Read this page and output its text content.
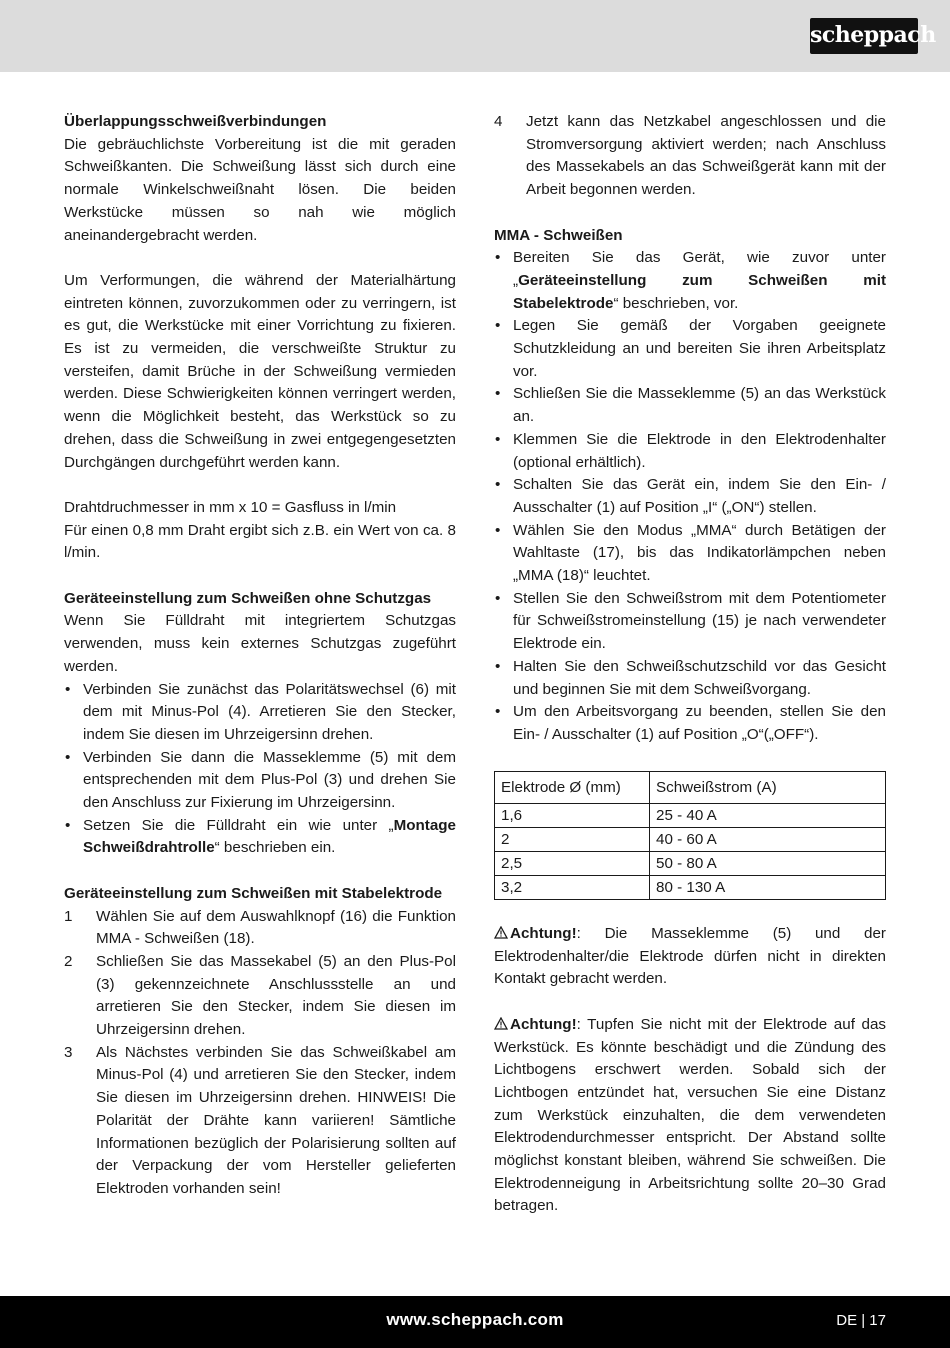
scheppach

Überlappungsschweißverbindungen

Die gebräuchlichste Vorbereitung ist die mit geraden Schweißkanten. Die Schweißung lässt sich durch eine normale Winkelschweißnaht lösen. Die beiden Werkstücke müssen so nah wie möglich aneinandergebracht werden.

Um Verformungen, die während der Materialhärtung eintreten können, zuvorzukommen oder zu verringern, ist es gut, die Werkstücke mit einer Vorrichtung zu fixieren. Es ist zu vermeiden, die verschweißte Struktur zu versteifen, damit Brüche in der Schweißung vermieden werden. Diese Schwierigkeiten können verringert werden, wenn die Möglichkeit besteht, das Werkstück so zu drehen, dass die Schweißung in zwei entgegengesetzten Durchgängen durchgeführt werden kann.

Drahtdruchmesser in mm x 10 = Gasfluss in l/min

Für einen 0,8 mm Draht ergibt sich z.B. ein Wert von ca. 8 l/min.

Geräteeinstellung zum Schweißen ohne Schutzgas

Wenn Sie Fülldraht mit integriertem Schutzgas verwenden, muss kein externes Schutzgas zugeführt werden.

• Verbinden Sie zunächst das Polaritätswechsel (6) mit dem mit Minus-Pol (4). Arretieren Sie den Stecker, indem Sie diesen im Uhrzeigersinn drehen.
• Verbinden Sie dann die Masseklemme (5) mit dem entsprechenden mit dem Plus-Pol (3) und drehen Sie den Anschluss zur Fixierung im Uhrzeigersinn.
• Setzen Sie die Fülldraht ein wie unter „Montage Schweißdrahtrolle“ beschrieben ein.

Geräteeinstellung zum Schweißen mit Stabelektrode

1 Wählen Sie auf dem Auswahlknopf (16) die Funktion MMA - Schweißen (18).
2 Schließen Sie das Massekabel (5) an den Plus-Pol (3) gekennzeichnete Anschlussstelle an und arretieren Sie den Stecker, indem Sie diesen im Uhrzeigersinn drehen.
3 Als Nächstes verbinden Sie das Schweißkabel am Minus-Pol (4) und arretieren Sie den Stecker, indem Sie diesen im Uhrzeigersinn drehen. HINWEIS! Die Polarität der Drähte kann variieren! Sämtliche Informationen bezüglich der Polarisierung sollten auf der Verpackung der vom Hersteller gelieferten Elektroden vorhanden sein!
4 Jetzt kann das Netzkabel angeschlossen und die Stromversorgung aktiviert werden; nach Anschluss des Massekabels an das Schweißgerät kann mit der Arbeit begonnen werden.

MMA - Schweißen

• Bereiten Sie das Gerät, wie zuvor unter „Geräteeinstellung zum Schweißen mit Stabelektrode“ beschrieben, vor.
• Legen Sie gemäß der Vorgaben geeignete Schutzkleidung an und bereiten Sie ihren Arbeitsplatz vor.
• Schließen Sie die Masseklemme (5) an das Werkstück an.
• Klemmen Sie die Elektrode in den Elektrodenhalter (optional erhältlich).
• Schalten Sie das Gerät ein, indem Sie den Ein- / Ausschalter (1) auf Position „I“ („ON“) stellen.
• Wählen Sie den Modus „MMA“ durch Betätigen der Wahltaste (17), bis das Indikatorlämpchen neben „MMA (18)“ leuchtet.
• Stellen Sie den Schweißstrom mit dem Potentiometer für Schweißstromeinstellung (15) je nach verwendeter Elektrode ein.
• Halten Sie den Schweißschutzschild vor das Gesicht und beginnen Sie mit dem Schweißvorgang.
• Um den Arbeitsvorgang zu beenden, stellen Sie den Ein- / Ausschalter (1) auf Position „O“(„OFF“).
Elektrode Ø (mm)	Schweißstrom (A)
1,6	25 - 40 A
2	40 - 60 A
2,5	50 - 80 A
3,2	80 - 130 A

Achtung!: Die Masseklemme (5) und der Elektrodenhalter/die Elektrode dürfen nicht in direkten Kontakt gebracht werden.

Achtung!: Tupfen Sie nicht mit der Elektrode auf das Werkstück. Es könnte beschädigt und die Zündung des Lichtbogens erschwert werden. Sobald sich der Lichtbogen entzündet hat, versuchen Sie eine Distanz zum Werkstück einzuhalten, die dem verwendeten Elektrodendurchmesser entspricht. Der Abstand sollte möglichst konstant bleiben, während Sie schweißen. Die Elektrodenneigung in Arbeitsrichtung sollte 20–30 Grad betragen.

www.scheppach.com	DE | 17
